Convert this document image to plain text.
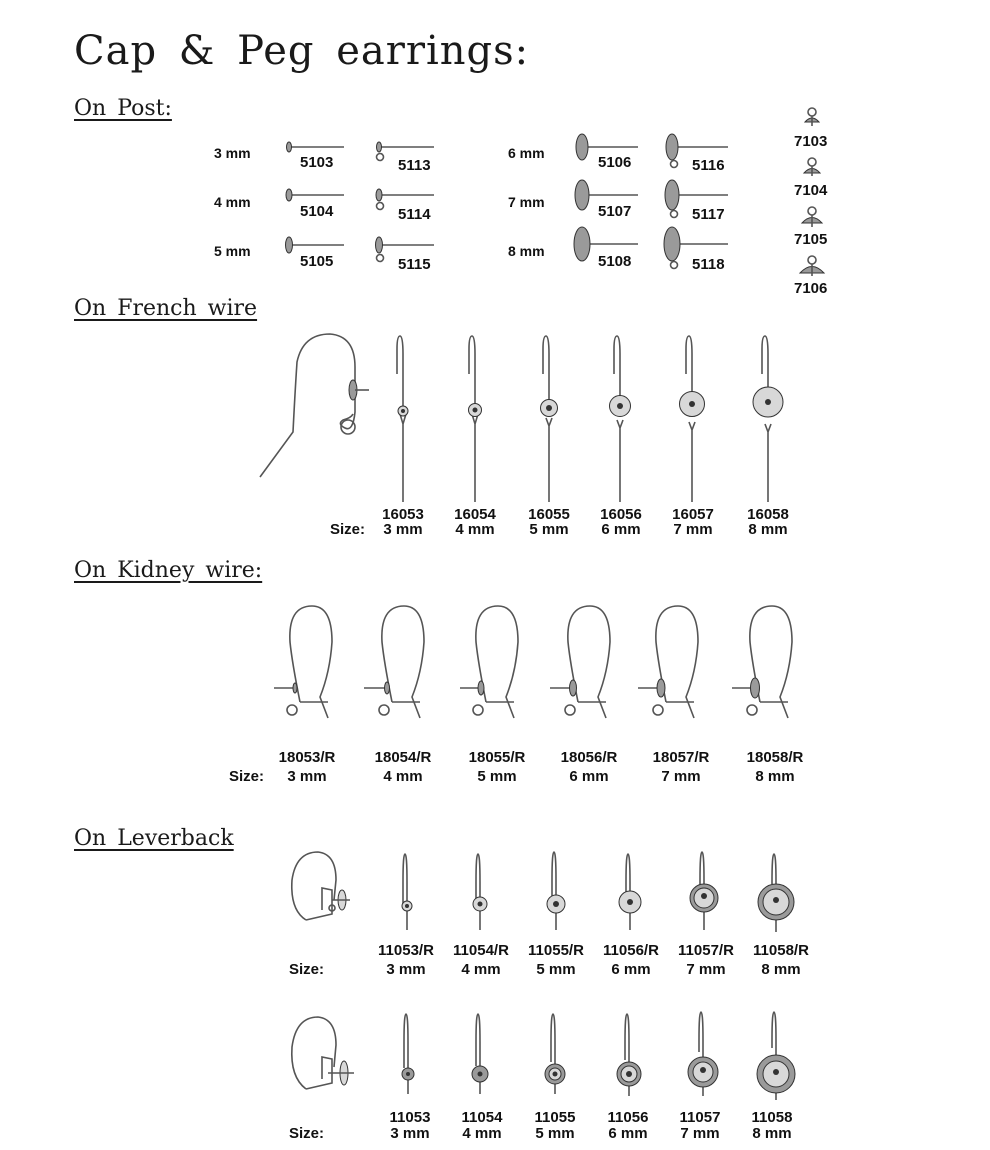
Cap & Peg earrings:
On Post:
3 mm
4 mm
5 mm
6 mm
7 mm
8 mm
5103
5104
5105
5113
5114
5115
5106
5107
5108
5116
5117
5118
7103
7104
7105
7106
On French wire
Size:
16053
3 mm
16054
4 mm
16055
5 mm
16056
6 mm
16057
7 mm
16058
8 mm
On Kidney wire:
Size:
18053/R
3 mm
18054/R
4 mm
18055/R
5 mm
18056/R
6 mm
18057/R
7 mm
18058/R
8 mm
On Leverback
Size:
11053/R
3 mm
11054/R
4 mm
11055/R
5 mm
11056/R
6 mm
11057/R
7 mm
11058/R
8 mm
Size:
11053
3 mm
11054
4 mm
11055
5 mm
11056
6 mm
11057
7 mm
11058
8 mm
